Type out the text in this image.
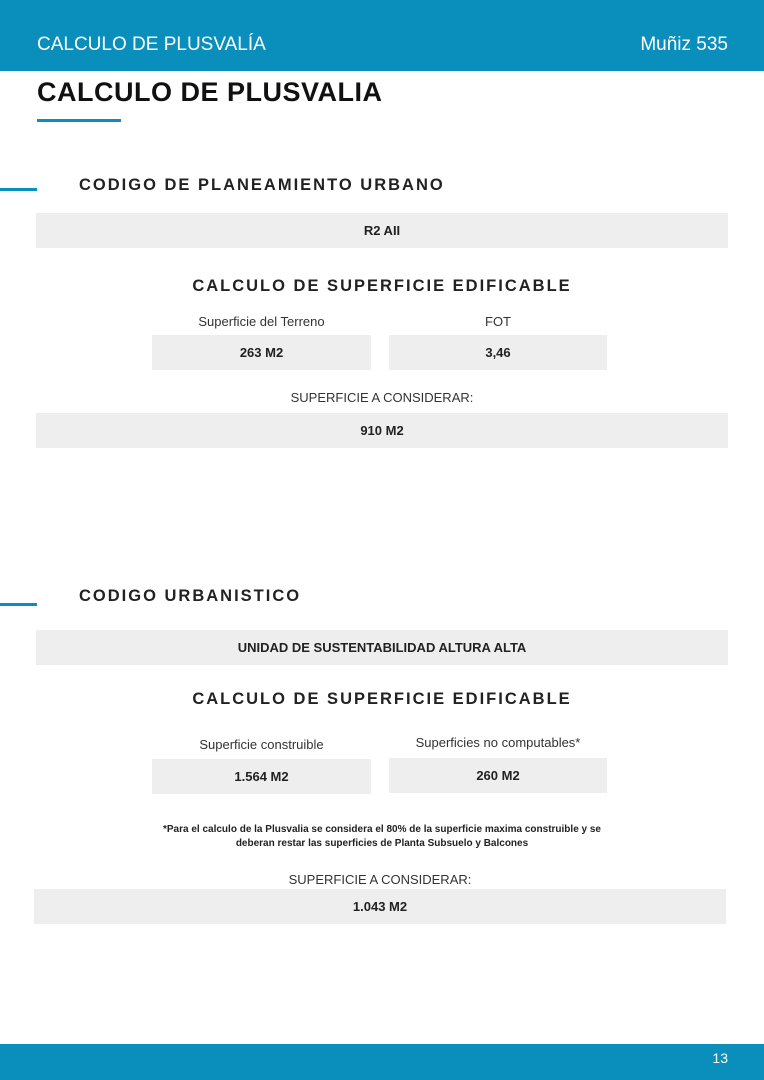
CALCULO DE PLUSVALÍA	Muñiz 535
CALCULO DE PLUSVALIA
CODIGO DE PLANEAMIENTO URBANO
R2 AII
CALCULO DE SUPERFICIE EDIFICABLE
Superficie del Terreno
263 M2
FOT
3,46
SUPERFICIE A CONSIDERAR:
910 M2
CODIGO URBANISTICO
UNIDAD DE SUSTENTABILIDAD ALTURA ALTA
CALCULO DE SUPERFICIE EDIFICABLE
Superficie construible
1.564 M2
Superficies no computables*
260 M2
*Para el calculo de la Plusvalia se considera el 80% de la superficie maxima construible y se
deberan restar las superficies de Planta Subsuelo y Balcones
SUPERFICIE A CONSIDERAR:
1.043 M2
13
